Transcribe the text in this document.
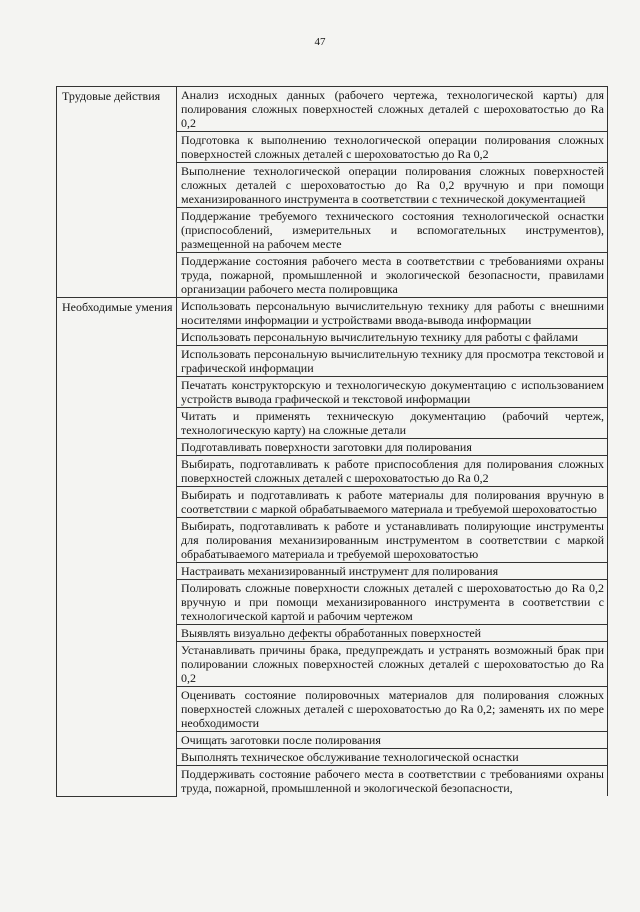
47
Трудовые действия	Анализ исходных данных (рабочего чертежа, технологической карты) для полирования сложных поверхностей сложных деталей с шероховатостью до Ra 0,2
	Подготовка к выполнению технологической операции полирования сложных поверхностей сложных деталей с шероховатостью до Ra 0,2
	Выполнение технологической операции полирования сложных поверхностей сложных деталей с шероховатостью до Ra 0,2 вручную и при помощи механизированного инструмента в соответствии с технической документацией
	Поддержание требуемого технического состояния технологической оснастки (приспособлений, измерительных и вспомогательных инструментов), размещенной на рабочем месте
	Поддержание состояния рабочего места в соответствии с требованиями охраны труда, пожарной, промышленной и экологической безопасности, правилами организации рабочего места полировщика
Необходимые умения	Использовать персональную вычислительную технику для работы с внешними носителями информации и устройствами ввода-вывода информации
	Использовать персональную вычислительную технику для работы с файлами
	Использовать персональную вычислительную технику для просмотра текстовой и графической информации
	Печатать конструкторскую и технологическую документацию с использованием устройств вывода графической и текстовой информации
	Читать и применять техническую документацию (рабочий чертеж, технологическую карту) на сложные детали
	Подготавливать поверхности заготовки для полирования
	Выбирать, подготавливать к работе приспособления для полирования сложных поверхностей сложных деталей с шероховатостью до Ra 0,2
	Выбирать и подготавливать к работе материалы для полирования вручную в соответствии с маркой обрабатываемого материала и требуемой шероховатостью
	Выбирать, подготавливать к работе и устанавливать полирующие инструменты для полирования механизированным инструментом в соответствии с маркой обрабатываемого материала и требуемой шероховатостью
	Настраивать механизированный инструмент для полирования
	Полировать сложные поверхности сложных деталей с шероховатостью до Ra 0,2 вручную и при помощи механизированного инструмента в соответствии с технологической картой и рабочим чертежом
	Выявлять визуально дефекты обработанных поверхностей
	Устанавливать причины брака, предупреждать и устранять возможный брак при полировании сложных поверхностей сложных деталей с шероховатостью до Ra 0,2
	Оценивать состояние полировочных материалов для полирования сложных поверхностей сложных деталей с шероховатостью до Ra 0,2; заменять их по мере необходимости
	Очищать заготовки после полирования
	Выполнять техническое обслуживание технологической оснастки
	Поддерживать состояние рабочего места в соответствии с требованиями охраны труда, пожарной, промышленной и экологической безопасности,
